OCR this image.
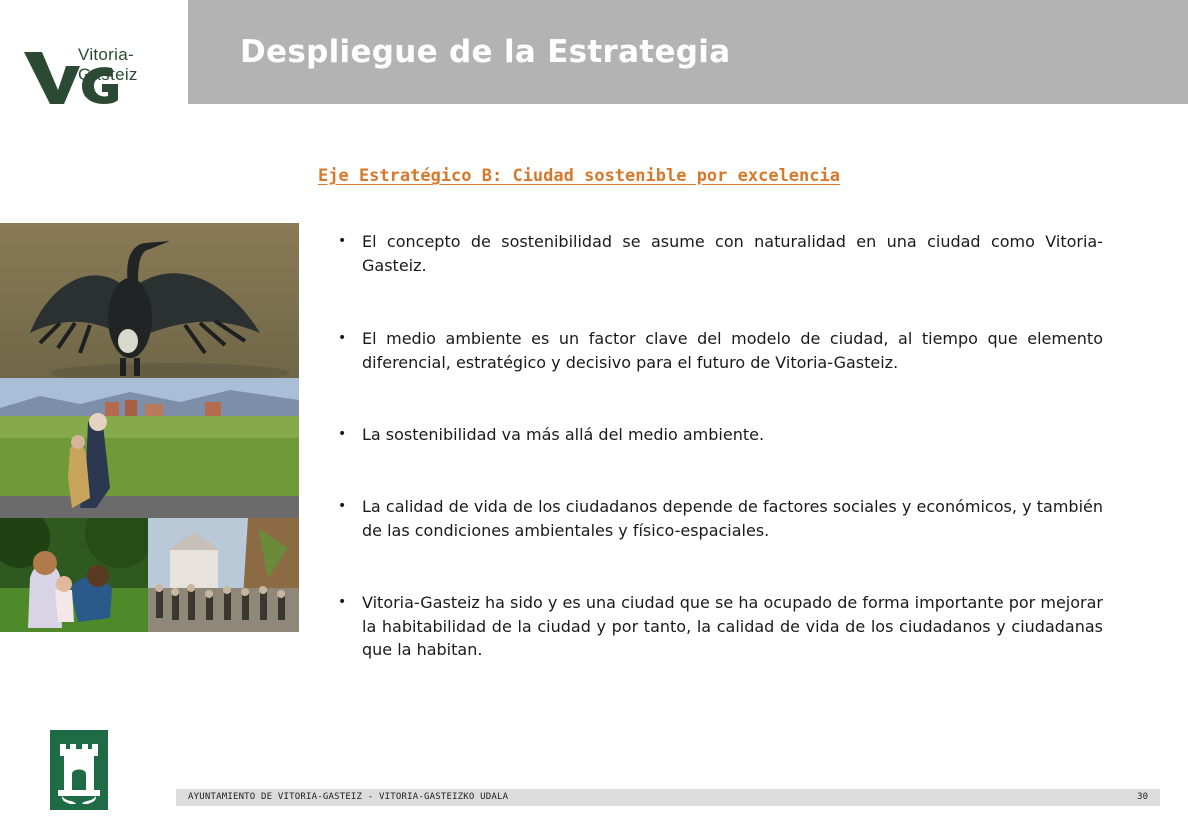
Vitoria-Gasteiz
Despliegue de la Estrategia
Eje Estratégico B: Ciudad sostenible por excelencia
• El concepto de sostenibilidad se asume con naturalidad en una ciudad como Vitoria-Gasteiz.
• El medio ambiente es un factor clave del modelo de ciudad, al tiempo que elemento diferencial, estratégico y decisivo para el futuro de Vitoria-Gasteiz.
• La sostenibilidad va más allá del medio ambiente.
• La calidad de vida de los ciudadanos depende de factores sociales y económicos, y también de las condiciones ambientales y físico-espaciales.
• Vitoria-Gasteiz ha sido y es una ciudad que se ha ocupado de forma importante por mejorar la habitabilidad de la ciudad y por tanto, la calidad de vida de los ciudadanos y ciudadanas que la habitan.
AYUNTAMIENTO DE VITORIA-GASTEIZ - VITORIA-GASTEIZKO UDALA	30
